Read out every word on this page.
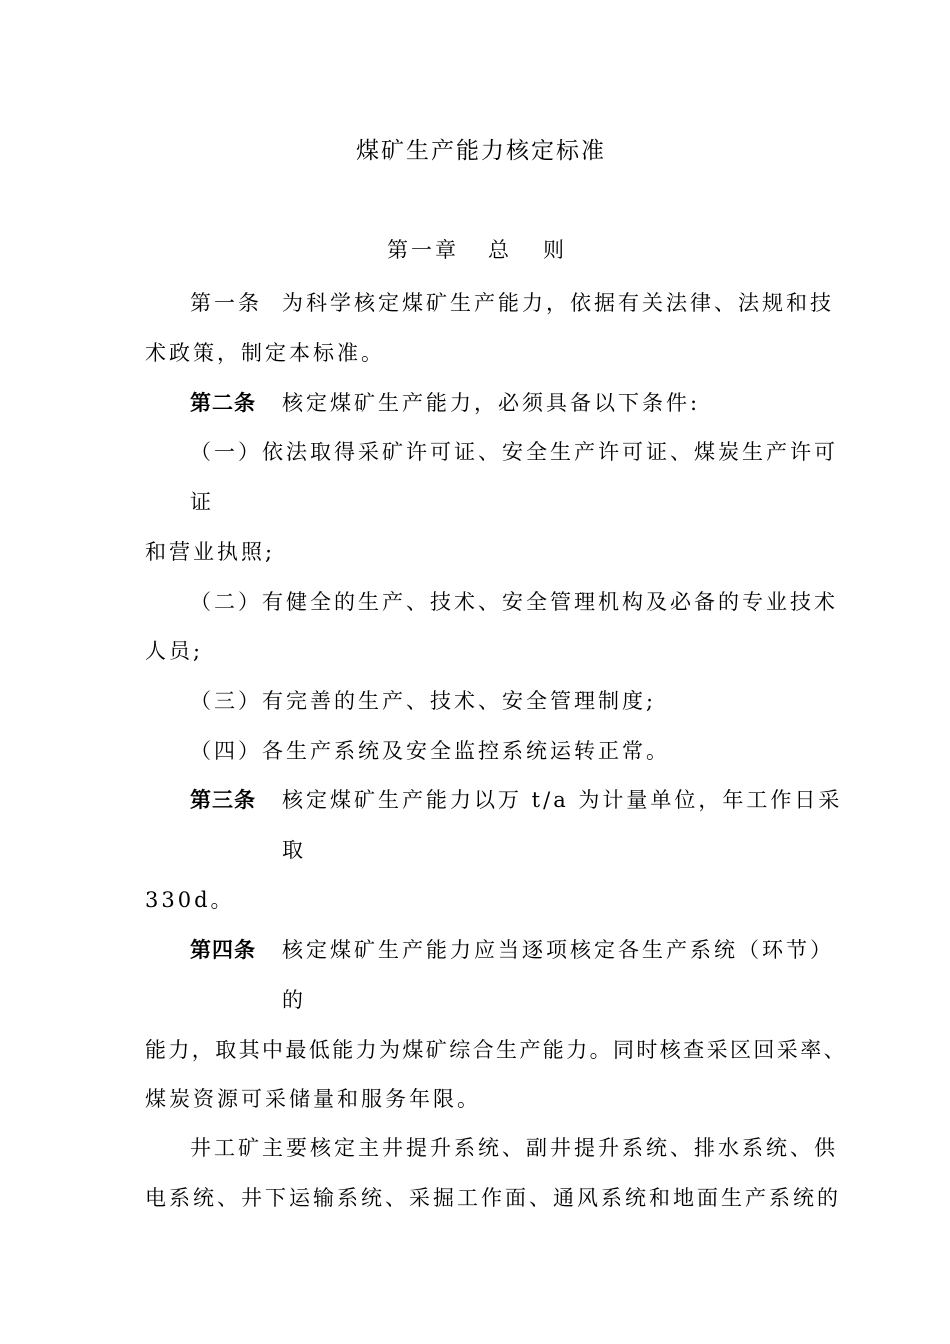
煤矿生产能力核定标准
第一章 总 则
第一条 为科学核定煤矿生产能力，依据有关法律、法规和技
术政策，制定本标准。
第二条 核定煤矿生产能力，必须具备以下条件:
（一）依法取得采矿许可证、安全生产许可证、煤炭生产许可
证
和营业执照;
（二）有健全的生产、技术、安全管理机构及必备的专业技术
人员;
（三）有完善的生产、技术、安全管理制度;
（四）各生产系统及安全监控系统运转正常。
第三条 核定煤矿生产能力以万 t/a 为计量单位，年工作日采
取
330d。
第四条 核定煤矿生产能力应当逐项核定各生产系统（环节）
的
能力，取其中最低能力为煤矿综合生产能力。同时核查采区回采率、
煤炭资源可采储量和服务年限。
井工矿主要核定主井提升系统、副井提升系统、排水系统、供
电系统、井下运输系统、采掘工作面、通风系统和地面生产系统的
